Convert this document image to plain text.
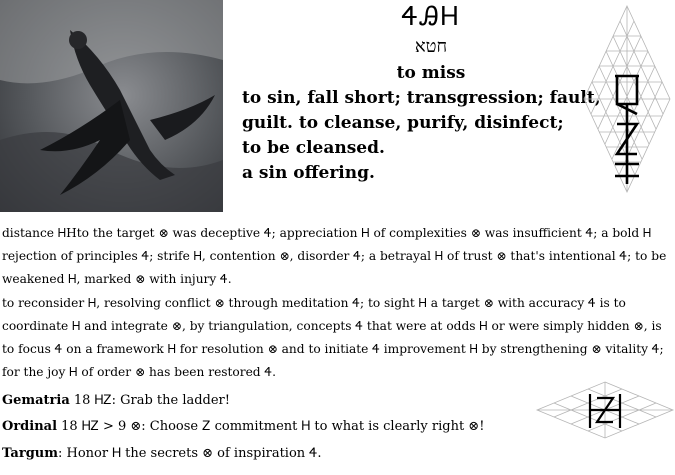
ᏎᎯᎻ
חטא
to miss

to sin, fall short; transgression; fault,

guilt. to cleanse, purify, disinfect;

to be cleansed.

a sin offering.

distance ᎻHto the target ⊗ was deceptive Ꮞ; appreciation Ꮋ of complexities ⊗ was insufficient Ꮞ; a bold Ꮋ rejection of principles Ꮞ; strife Ꮋ, contention ⊗, disorder Ꮞ; a betrayal Ꮋ of trust ⊗ that's intentional Ꮞ; to be weakened Ꮋ, marked ⊗ with injury Ꮞ.

to reconsider Ꮋ, resolving conflict ⊗ through meditation Ꮞ; to sight Ꮋ a target ⊗ with accuracy Ꮞ is to coordinate Ꮋ and integrate ⊗, by triangulation, concepts Ꮞ that were at odds Ꮋ or were simply hidden ⊗, is to focus Ꮞ on a framework Ꮋ for resolution ⊗ and to initiate Ꮞ improvement Ꮋ by strengthening ⊗ vitality Ꮞ; for the joy Ꮋ of order ⊗ has been restored Ꮞ.

Gematria 18 ᎻᏃ: Grab the ladder!

Ordinal 18 ᎻᏃ > 9 ⊗: Choose Ꮓ commitment Ꮋ to what is clearly right ⊗!

Targum: Honor Ꮋ the secrets ⊗ of inspiration Ꮞ.
